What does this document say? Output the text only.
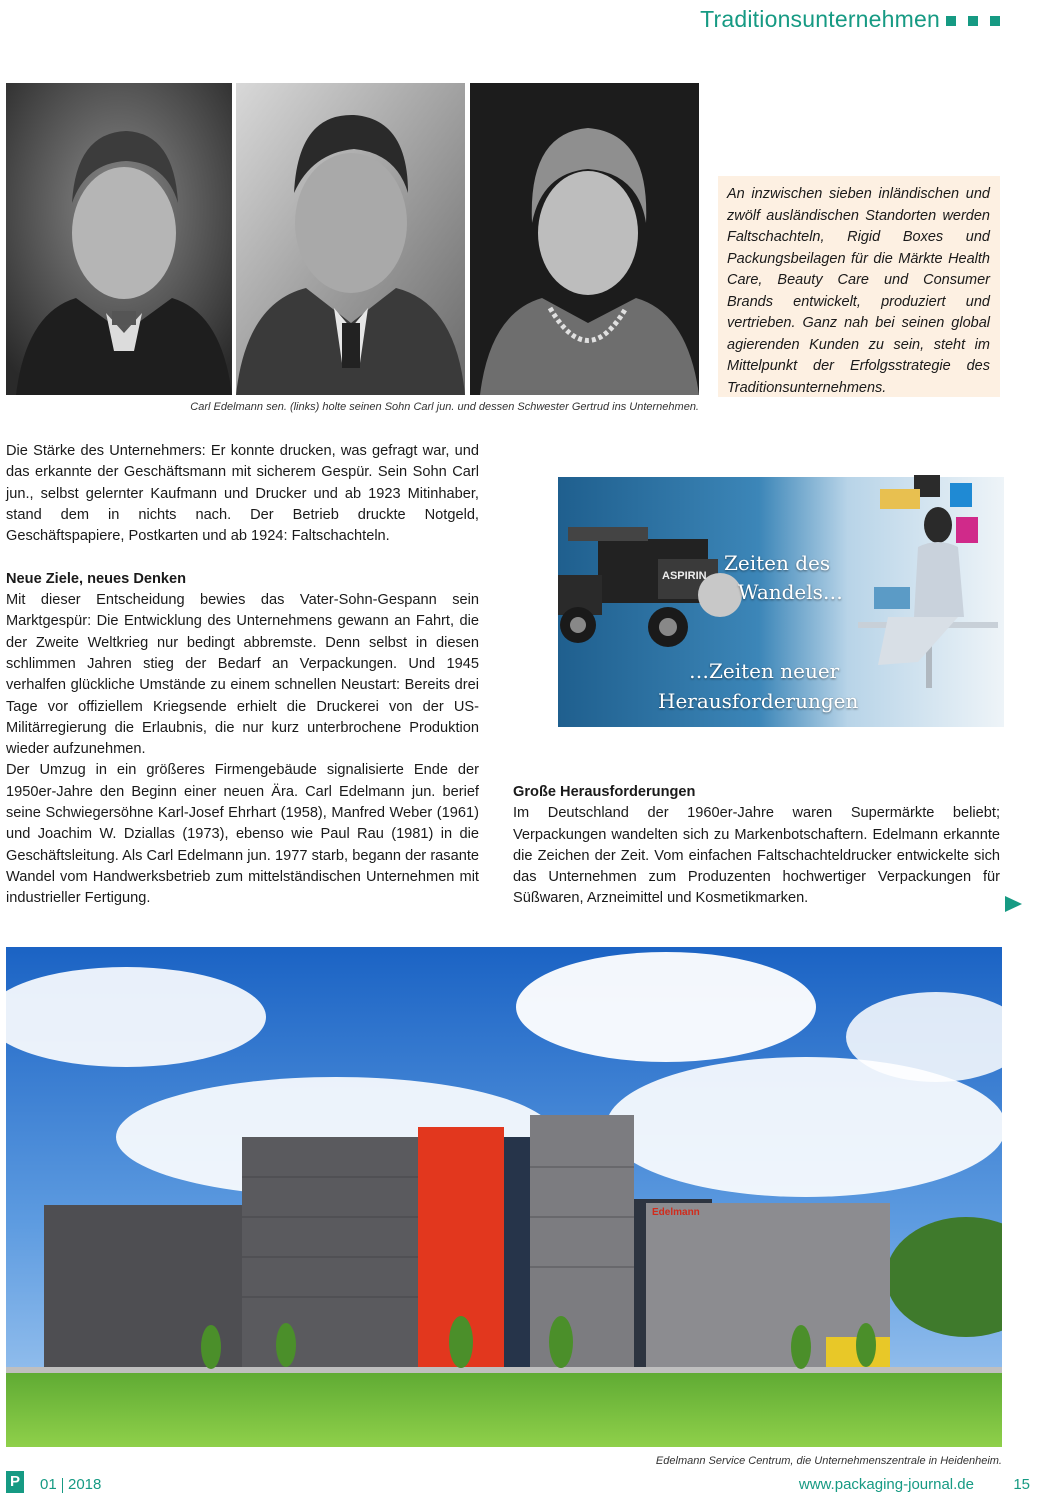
Traditionsunternehmen
Carl Edelmann sen. (links) holte seinen Sohn Carl jun. und dessen Schwester Gertrud ins Unternehmen.

An inzwischen sieben inländischen und zwölf ausländischen Standorten werden Faltschachteln, Rigid Boxes und Packungsbeilagen für die Märkte Health Care, Beauty Care und Consumer Brands entwickelt, produziert und vertrieben. Ganz nah bei seinen global agierenden Kunden zu sein, steht im Mittelpunkt der Erfolgsstrategie des Traditionsunternehmens.

Die Stärke des Unternehmers: Er konnte drucken, was gefragt war, und das erkannte der Geschäftsmann mit sicherem Gespür. Sein Sohn Carl jun., selbst gelernter Kaufmann und Drucker und ab 1923 Mitinhaber, stand dem in nichts nach. Der Betrieb druckte Notgeld, Geschäftspapiere, Postkarten und ab 1924: Faltschachteln.

Neue Ziele, neues Denken

Mit dieser Entscheidung bewies das Vater-Sohn-Gespann sein Marktgespür: Die Entwicklung des Unternehmens gewann an Fahrt, die der Zweite Weltkrieg nur bedingt abbremste. Denn selbst in diesen schlimmen Jahren stieg der Bedarf an Verpackungen. Und 1945 verhalfen glückliche Umstände zu einem schnellen Neustart: Bereits drei Tage vor offiziellem Kriegsende erhielt die Druckerei von der US-Militärregierung die Erlaubnis, die nur kurz unterbrochene Produktion wieder aufzunehmen.

Der Umzug in ein größeres Firmengebäude signalisierte Ende der 1950er-Jahre den Beginn einer neuen Ära. Carl Edelmann jun. berief seine Schwiegersöhne Karl-Josef Ehrhart (1958), Manfred Weber (1961) und Joachim W. Dziallas (1973), ebenso wie Paul Rau (1981) in die Geschäftsleitung. Als Carl Edelmann jun. 1977 starb, begann der rasante Wandel vom Handwerksbetrieb zum mittelständischen Unternehmen mit industrieller Fertigung.

ASPIRIN
Zeiten des
Wandels…
…Zeiten neuer
Herausforderungen
Große Herausforderungen

Im Deutschland der 1960er-Jahre waren Supermärkte beliebt; Verpackungen wandelten sich zu Markenbotschaftern. Edelmann erkannte die Zeichen der Zeit. Vom einfachen Faltschachteldrucker entwickelte sich das Unternehmen zum Produzenten hochwertiger Verpackungen für Süßwaren, Arzneimittel und Kosmetikmarken.

Edelmann
Edelmann Service Centrum, die Unternehmenszentrale in Heidenheim.
P 01 2018	www.packaging-journal.de	15
